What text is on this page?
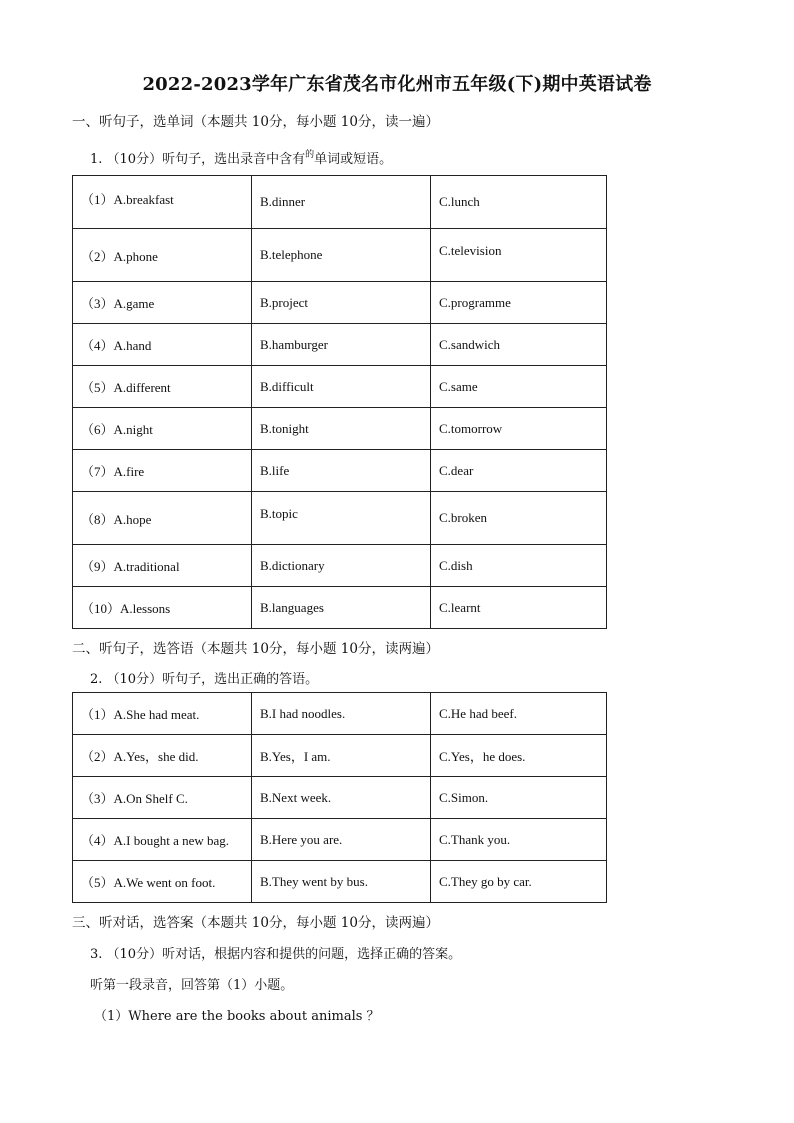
2022-2023学年广东省茂名市化州市五年级(下)期中英语试卷
一、听句子，选单词（本题共 10分，每小题 10分，读一遍）
1. （10分）听句子，选出录音中含有$^的$单词或短语。
（1）A.breakfast	B.dinner	C.lunch
（2）A.phone	B.telephone	C.television
（3）A.game	B.project	C.programme
（4）A.hand	B.hamburger	C.sandwich
（5）A.different	B.difficult	C.same
（6）A.night	B.tonight	C.tomorrow
（7）A.fire	B.life	C.dear
（8）A.hope	B.topic	C.broken
（9）A.traditional	B.dictionary	C.dish
（10）A.lessons	B.languages	C.learnt
二、听句子，选答语（本题共 10分，每小题 10分，读两遍）
2. （10分）听句子，选出正确的答语。
（1）A.She had meat.	B.I had noodles.	C.He had beef.
（2）A.Yes，she did.	B.Yes，I am.	C.Yes，he does.
（3）A.On Shelf C.	B.Next week.	C.Simon.
（4）A.I bought a new bag.	B.Here you are.	C.Thank you.
（5）A.We went on foot.	B.They went by bus.	C.They go by car.
三、听对话，选答案（本题共 10分，每小题 10分，读两遍）
3. （10分）听对话，根据内容和提供的问题，选择正确的答案。
听第一段录音，回答第（1）小题。
（1）Where are the books about animals ？
